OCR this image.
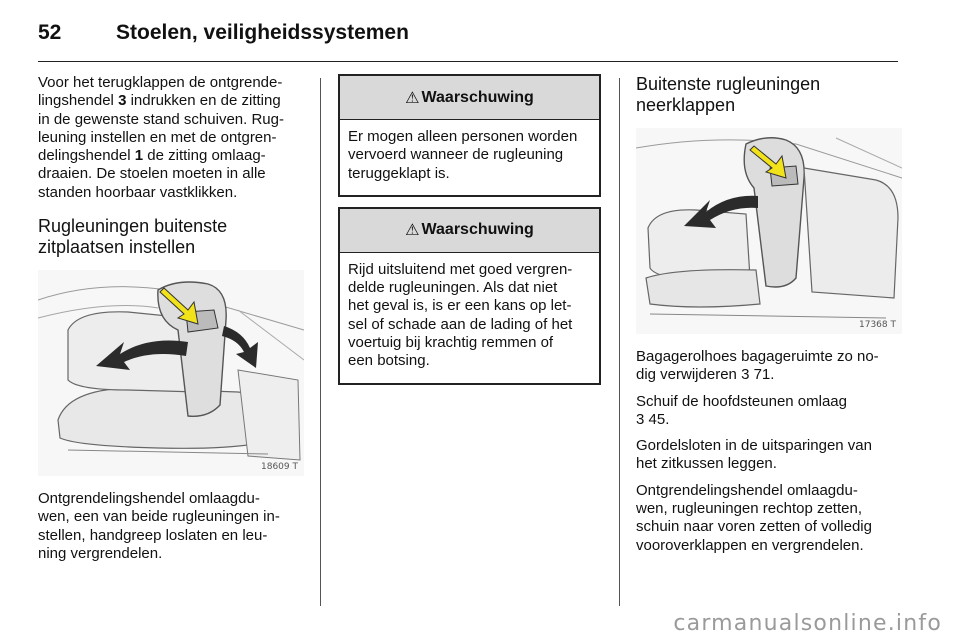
52	Stoelen, veiligheidssystemen

Voor het terugklappen de ontgrende-
lingshendel 3 indrukken en de zitting
in de gewenste stand schuiven. Rug-
leuning instellen en met de ontgren-
delingshendel 1 de zitting omlaag-
draaien. De stoelen moeten in alle
standen hoorbaar vastklikken.

Rugleuningen buitenste
zitplaatsen instellen
18609 T

Ontgrendelingshendel omlaagdu-
wen, een van beide rugleuningen in-
stellen, handgreep loslaten en leu-
ning vergrendelen.

⚠ Waarschuwing
Er mogen alleen personen worden
vervoerd wanneer de rugleuning
teruggeklapt is.
⚠ Waarschuwing
Rijd uitsluitend met goed vergren-
delde rugleuningen. Als dat niet
het geval is, is er een kans op let-
sel of schade aan de lading of het
voertuig bij krachtig remmen of
een botsing.
Buitenste rugleuningen
neerklappen
17368 T

Bagagerolhoes bagageruimte zo no-
dig verwijderen 3 71.

Schuif de hoofdsteunen omlaag
3 45.

Gordelsloten in de uitsparingen van
het zitkussen leggen.

Ontgrendelingshendel omlaagdu-
wen, rugleuningen rechtop zetten,
schuin naar voren zetten of volledig
vooroverklappen en vergrendelen.

carmanualsonline.info
